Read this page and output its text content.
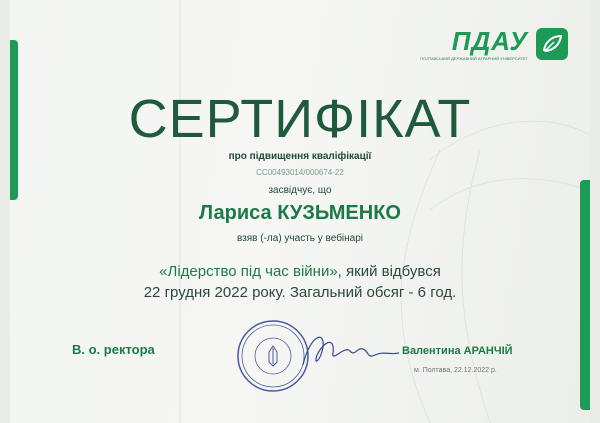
ПДАУ
ПОЛТАВСЬКИЙ ДЕРЖАВНИЙ АГРАРНИЙ УНІВЕРСИТЕТ
СЕРТИФІКАТ
про підвищення кваліфікації
СС00493014/000674-22
засвідчує, що
Лариса КУЗЬМЕНКО
взяв (-ла) участь у вебінарі
«Лідерство під час війни», який відбувся
22 грудня 2022 року. Загальний обсяг - 6 год.
В. о. ректора	Валентина АРАНЧІЙ
м. Полтава, 22.12.2022 р.
